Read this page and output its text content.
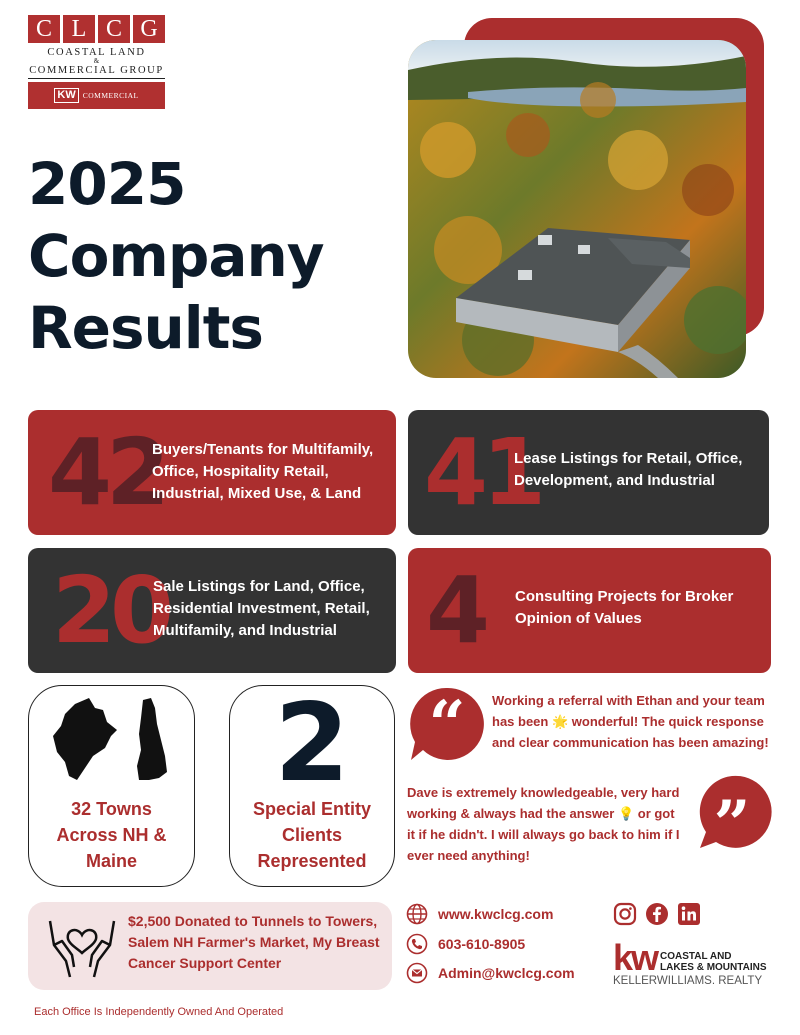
C L C G
COASTAL LAND
&
COMMERCIAL GROUP
KW COMMERCIAL
2025
Company
Results
42
Buyers/Tenants for Multifamily, Office, Hospitality Retail, Industrial, Mixed Use, & Land 41
Lease Listings for Retail, Office, Development, and Industrial
20
Sale Listings for Land, Office, Residential Investment, Retail, Multifamily, and Industrial 4 Consulting Projects for Broker Opinion of Values
32 Towns Across NH & Maine
2
Special Entity Clients Represented
“ Working a referral with Ethan and your team has been 🌟 wonderful! The quick response and clear communication has been amazing!
Dave is extremely knowledgeable, very hard working & always had the answer 💡 or got it if he didn't. I will always go back to him if I ever need anything!	”
$2,500 Donated to Tunnels to Towers, Salem NH Farmer's Market, My Breast Cancer Support Center
www.kwclcg.com
603-610-8905
Admin@kwclcg.com kw COASTAL AND
LAKES & MOUNTAINS
KELLERWILLIAMS. REALTY
Each Office Is Independently Owned And Operated
